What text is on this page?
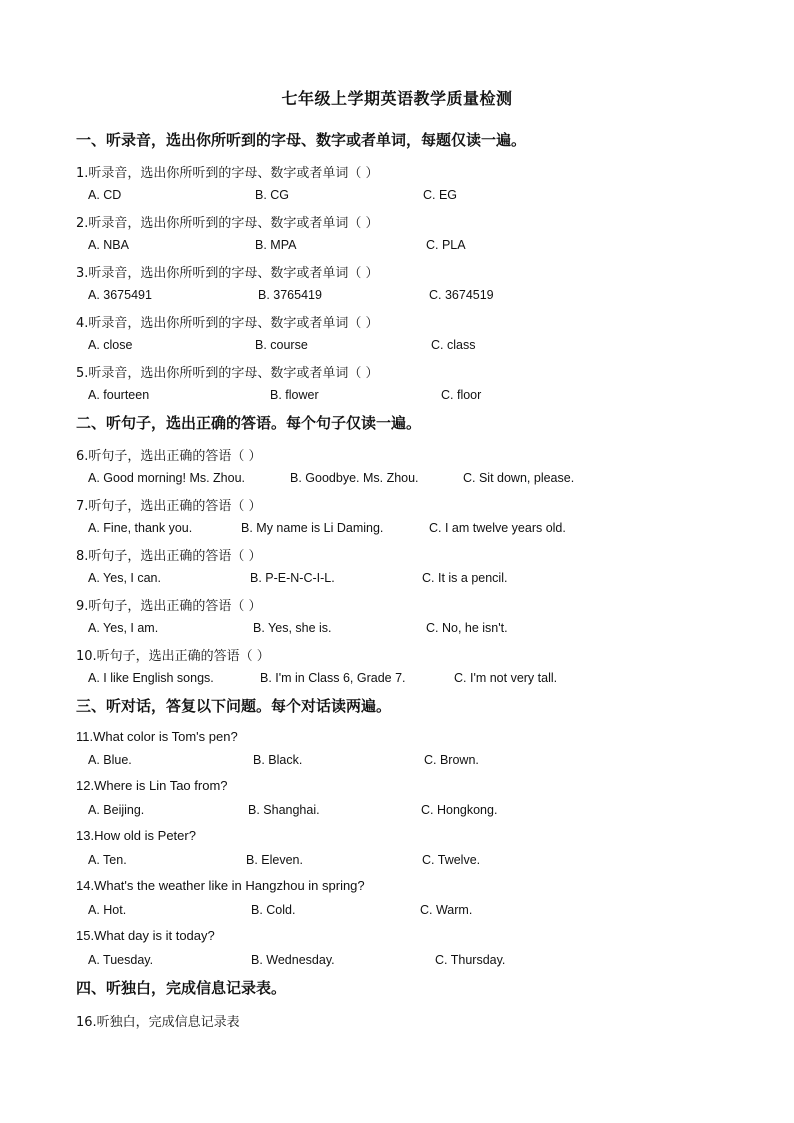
七年级上学期英语教学质量检测
一、听录音，选出你所听到的字母、数字或者单词，每题仅读一遍。
1.听录音，选出你所听到的字母、数字或者单词（ ）
A. CD	B. CG	C. EG
2.听录音，选出你所听到的字母、数字或者单词（ ）
A. NBA	B. MPA	C. PLA
3.听录音，选出你所听到的字母、数字或者单词（ ）
A. 3675491	B. 3765419	C. 3674519
4.听录音，选出你所听到的字母、数字或者单词（ ）
A. close	B. course	C. class
5.听录音，选出你所听到的字母、数字或者单词（ ）
A. fourteen	B. flower	C. floor
二、听句子，选出正确的答语。每个句子仅读一遍。
6.听句子，选出正确的答语（ ）
A. Good morning! Ms. Zhou.	B. Goodbye. Ms. Zhou.	C. Sit down, please.
7.听句子，选出正确的答语（ ）
A. Fine, thank you.	B. My name is Li Daming.	C. I am twelve years old.
8.听句子，选出正确的答语（ ）
A. Yes, I can.	B. P-E-N-C-I-L.	C. It is a pencil.
9.听句子，选出正确的答语（ ）
A. Yes, I am.	B. Yes, she is.	C. No, he isn't.
10.听句子，选出正确的答语（ ）
A. I like English songs.	B. I'm in Class 6, Grade 7.	C. I'm not very tall.
三、听对话，答复以下问题。每个对话读两遍。
11.What color is Tom's pen?
A. Blue.	B. Black.	C. Brown.
12.Where is Lin Tao from?
A. Beijing.	B. Shanghai.	C. Hongkong.
13.How old is Peter?
A. Ten.	B. Eleven.	C. Twelve.
14.What's the weather like in Hangzhou in spring?
A. Hot.	B. Cold.	C. Warm.
15.What day is it today?
A. Tuesday.	B. Wednesday.	C. Thursday.
四、听独白，完成信息记录表。
16.听独白，完成信息记录表
